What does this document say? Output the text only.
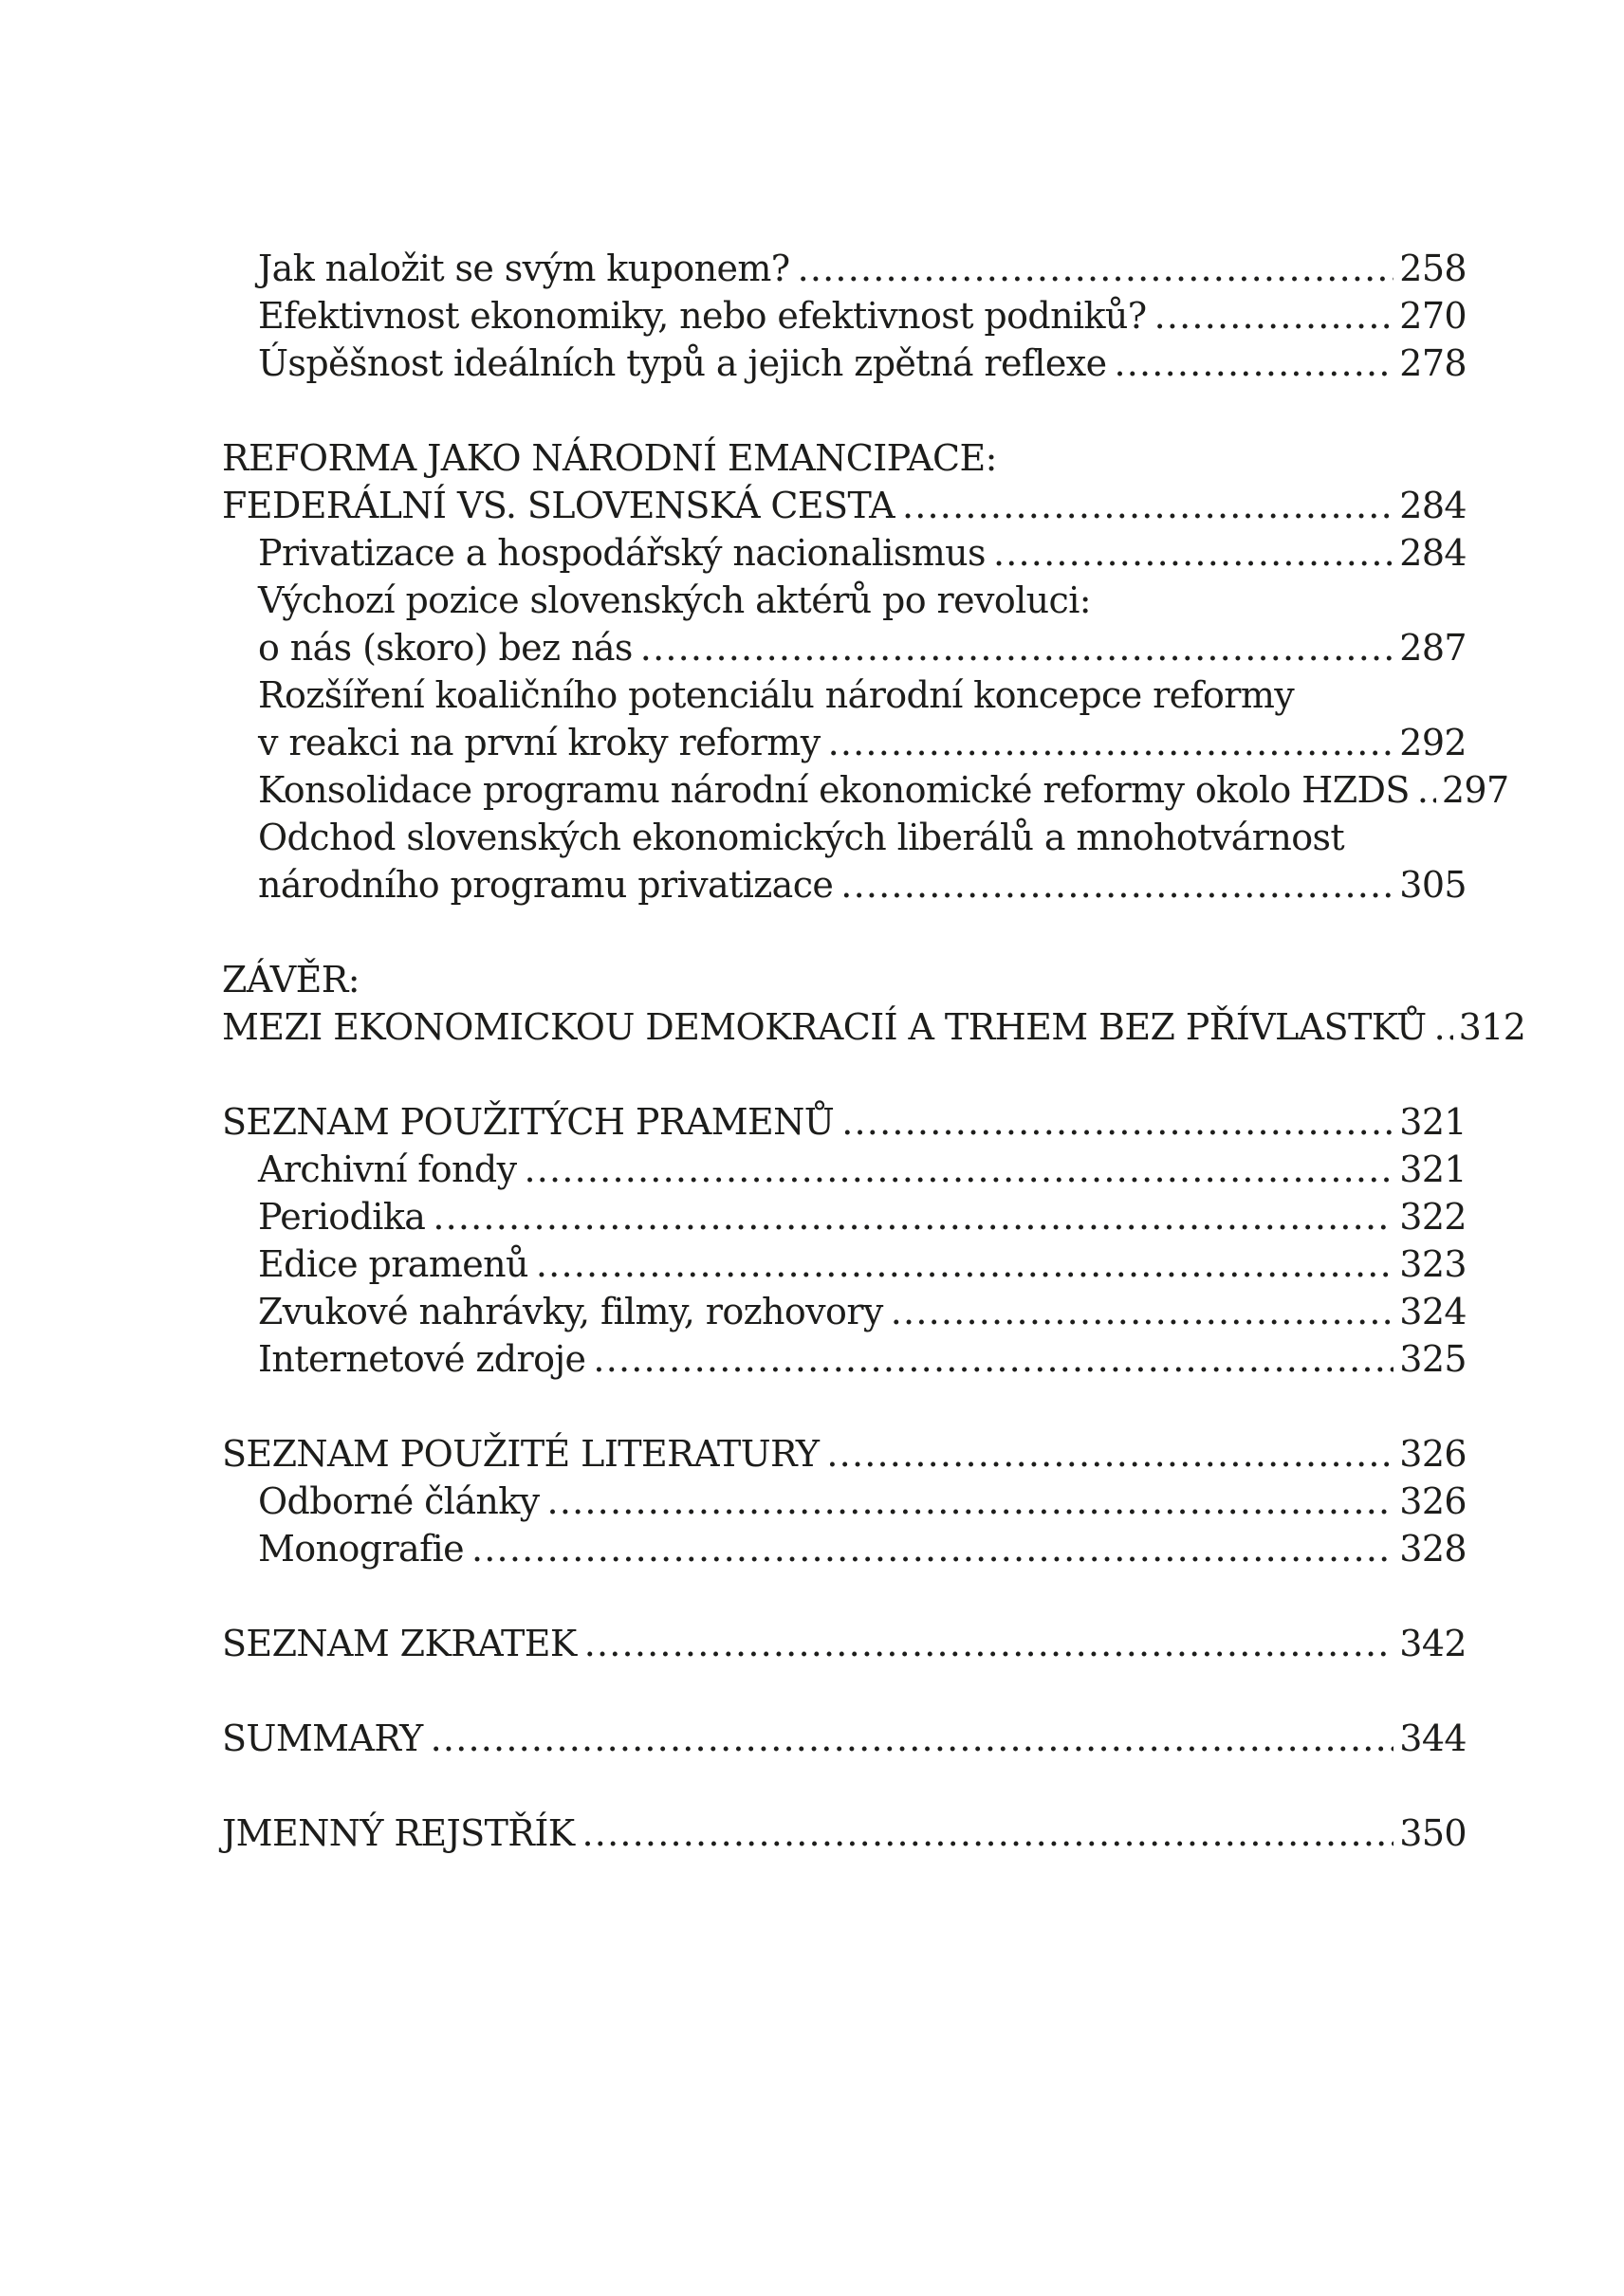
Jak naložit se svým kuponem? .....	258
Efektivnost ekonomiky, nebo efektivnost podniků? .....	270
Úspěšnost ideálních typů a jejich zpětná reflexe .....	278
REFORMA JAKO NÁRODNÍ EMANCIPACE:
FEDERÁLNÍ VS. SLOVENSKÁ CESTA .....	284
Privatizace a hospodářský nacionalismus .....	284
Výchozí pozice slovenských aktérů po revoluci:
o nás (skoro) bez nás .....	287
Rozšíření koaličního potenciálu národní koncepce reformy
v reakci na první kroky reformy .....	292
Konsolidace programu národní ekonomické reformy okolo HZDS ..... 297
Odchod slovenských ekonomických liberálů a mnohotvárnost
národního programu privatizace .....	305
ZÁVĚR:
MEZI EKONOMICKOU DEMOKRACIÍ A TRHEM BEZ PŘÍVLASTKŮ ..... 312
SEZNAM POUŽITÝCH PRAMENŮ .....	321
Archivní fondy .....	321
Periodika .....	322
Edice pramenů .....	323
Zvukové nahrávky, filmy, rozhovory .....	324
Internetové zdroje .....	325
SEZNAM POUŽITÉ LITERATURY .....	326
Odborné články .....	326
Monografie .....	328
SEZNAM ZKRATEK .....	342
SUMMARY .....	344
JMENNÝ REJSTŘÍK .....	350
